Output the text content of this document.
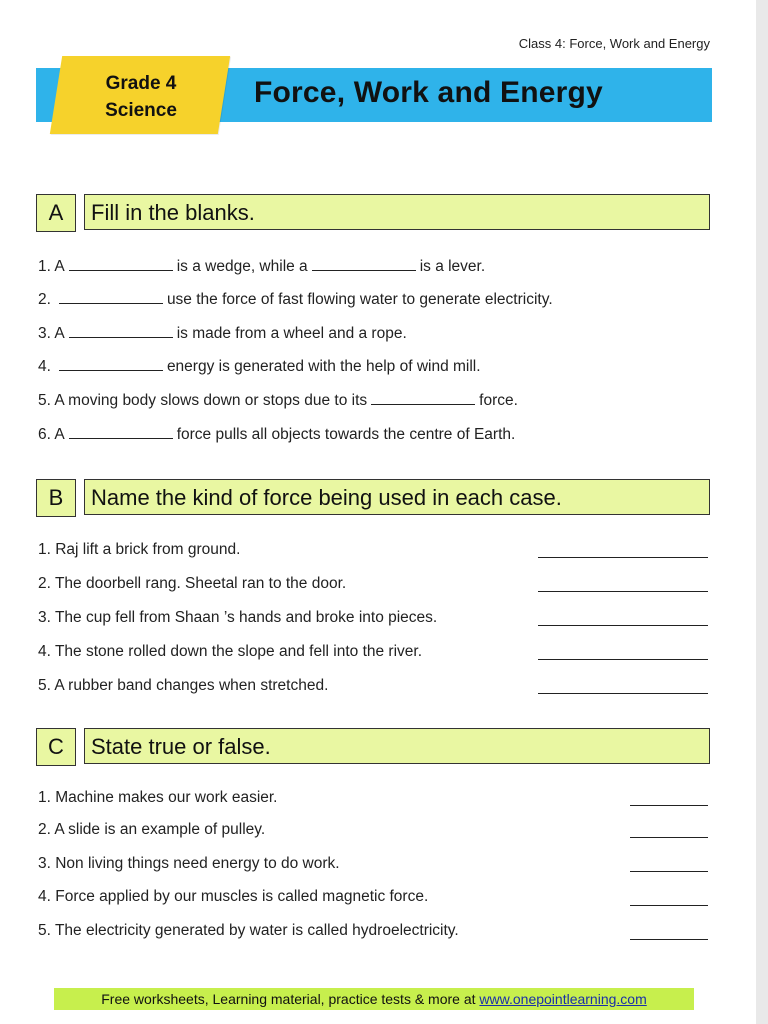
Class 4: Force, Work and Energy
Grade 4
Science
Force, Work and Energy
A	Fill in the blanks.
1. A	is a wedge, while a	is a lever.
2.	use the force of fast flowing water to generate electricity.
3. A	is made from a wheel and a rope.
4.	energy is generated with the help of wind mill.
5. A moving body slows down or stops due to its	force.
6. A	force pulls all objects towards the centre of Earth.
B	Name the kind of force being used in each case.
1. Raj lift a brick from ground.
2. The doorbell rang. Sheetal ran to the door.
3. The cup fell from Shaan ’s hands and broke into pieces.
4. The stone rolled down the slope and fell into the river.
5. A rubber band changes when stretched.
C	State true or false.
1. Machine makes our work easier.
2. A slide is an example of pulley.
3. Non living things need energy to do work.
4. Force applied by our muscles is called magnetic force.
5. The electricity generated by water is called hydroelectricity.
Free worksheets, Learning material, practice tests & more at www.onepointlearning.com
